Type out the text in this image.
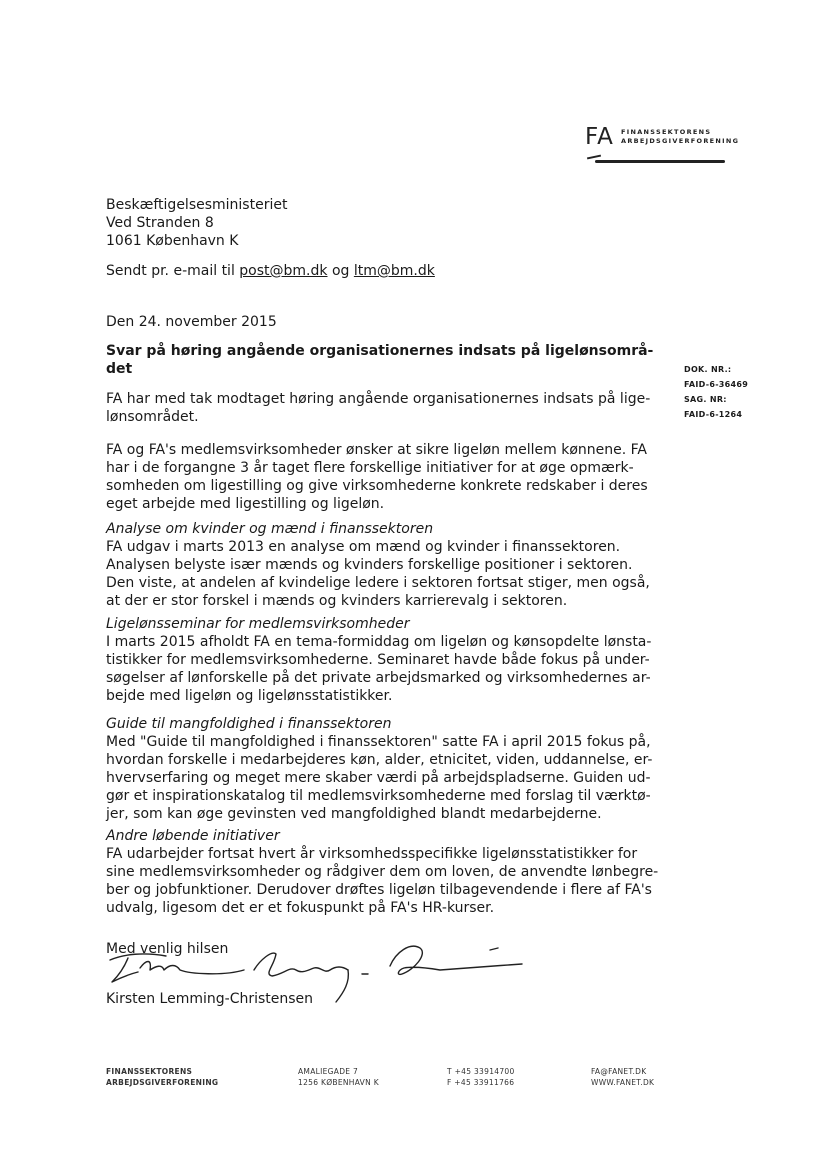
FA FINANSSEKTORENS
ARBEJDSGIVERFORENING
Beskæftigelsesministeriet
Ved Stranden 8
1061 København K
Sendt pr. e-mail til post@bm.dk og ltm@bm.dk
Den 24. november 2015
Svar på høring angående organisationernes indsats på ligelønsområ-
det	DOK. NR.:
FAID-6-36469
SAG. NR:
FAID-6-1264
FA har med tak modtaget høring angående organisationernes indsats på lige-
lønsområdet.
FA og FA's medlemsvirksomheder ønsker at sikre ligeløn mellem kønnene. FA
har i de forgangne 3 år taget flere forskellige initiativer for at øge opmærk-
somheden om ligestilling og give virksomhederne konkrete redskaber i deres
eget arbejde med ligestilling og ligeløn.
Analyse om kvinder og mænd i finanssektoren
FA udgav i marts 2013 en analyse om mænd og kvinder i finanssektoren.
Analysen belyste især mænds og kvinders forskellige positioner i sektoren.
Den viste, at andelen af kvindelige ledere i sektoren fortsat stiger, men også,
at der er stor forskel i mænds og kvinders karrierevalg i sektoren.
Ligelønsseminar for medlemsvirksomheder
I marts 2015 afholdt FA en tema-formiddag om ligeløn og kønsopdelte lønsta-
tistikker for medlemsvirksomhederne. Seminaret havde både fokus på under-
søgelser af lønforskelle på det private arbejdsmarked og virksomhedernes ar-
bejde med ligeløn og ligelønsstatistikker.
Guide til mangfoldighed i finanssektoren
Med "Guide til mangfoldighed i finanssektoren" satte FA i april 2015 fokus på,
hvordan forskelle i medarbejderes køn, alder, etnicitet, viden, uddannelse, er-
hvervserfaring og meget mere skaber værdi på arbejdspladserne. Guiden ud-
gør et inspirationskatalog til medlemsvirksomhederne med forslag til værktø-
jer, som kan øge gevinsten ved mangfoldighed blandt medarbejderne.
Andre løbende initiativer
FA udarbejder fortsat hvert år virksomhedsspecifikke ligelønsstatistikker for
sine medlemsvirksomheder og rådgiver dem om loven, de anvendte lønbegre-
ber og jobfunktioner. Derudover drøftes ligeløn tilbagevendende i flere af FA's
udvalg, ligesom det er et fokuspunkt på FA's HR-kurser.
Med venlig hilsen
Kirsten Lemming-Christensen
FINANSSEKTORENS
ARBEJDSGIVERFORENING
AMALIEGADE 7
1256 KØBENHAVN K
T +45 33914700
F +45 33911766
FA@FANET.DK
WWW.FANET.DK
